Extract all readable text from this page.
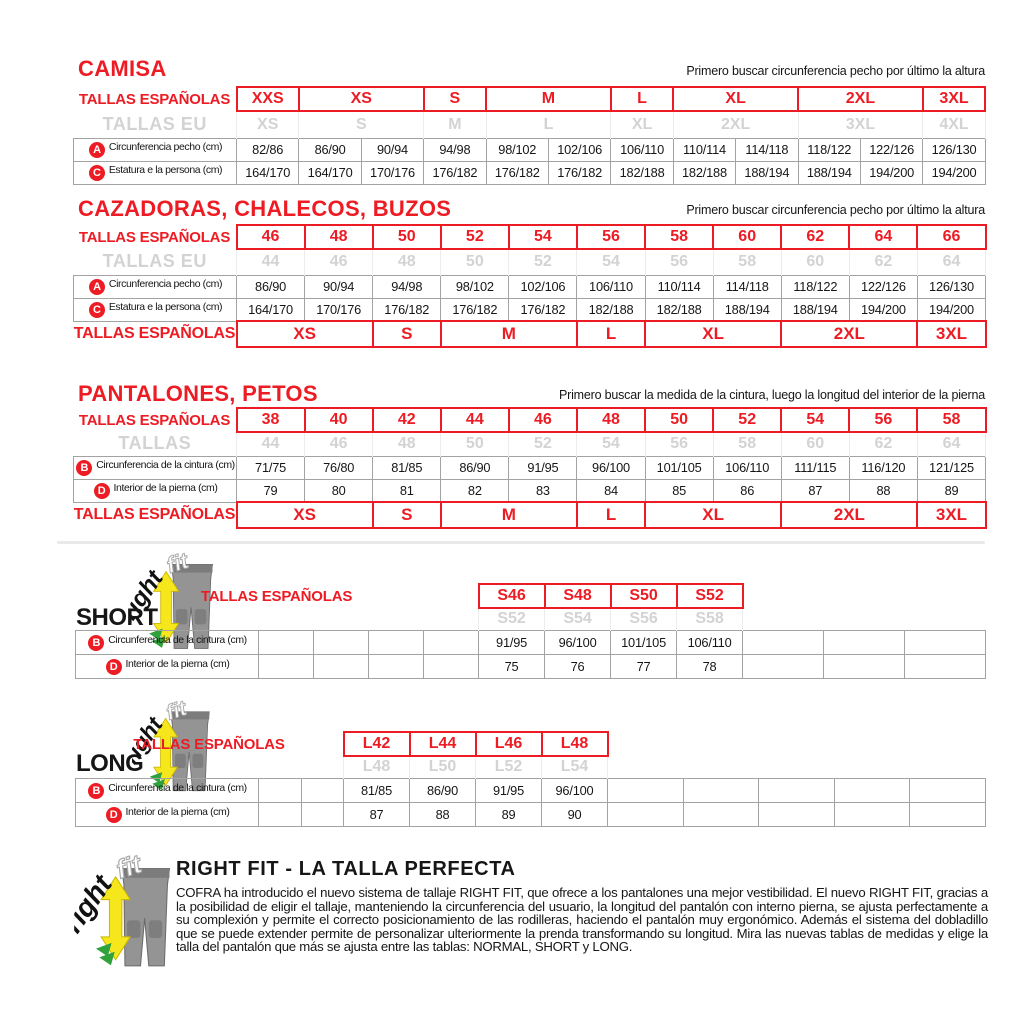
CAMISA	Primero buscar circunferencia pecho por último la altura
CAZADORAS, CHALECOS, BUZOS	Primero buscar circunferencia pecho por último la altura
PANTALONES, PETOS	Primero buscar la medida de la cintura, luego la longitud del interior de la pierna
SHORT
LONG
RIGHT FIT - LA TALLA PERFECTA
COFRA ha introducido el nuevo sistema de tallaje RIGHT FIT, que ofrece a los pantalones una mejor vestibilidad. El nuevo RIGHT FIT, gracias a la posibilidad de eligir el tallaje, manteniendo la circunferencia del usuario, la longitud del pantalón con interno pierna, se ajusta perfectamente a su complexión y permite el correcto posicionamiento de las rodilleras, haciendo el pantalón muy ergonómico. Además el sistema del dobladillo que se puede extender permite de personalizar ulteriormente la prenda transformando su longitud. Mira las nuevas tablas de medidas y elige la talla del pantalón que más se ajusta entre las tablas: NORMAL, SHORT y LONG.
TALLAS ESPAÑOLAS	XXS	XS		S	M		L	XL		2XL		3XL
TALLAS EU	XS	S		M	L		XL	2XL		3XL		4XL
A Circunferencia pecho (cm)	82/86	86/90	90/94	94/98	98/102	102/106	106/110	110/114	114/118	118/122	122/126	126/130
C Estatura e la persona (cm)	164/170	164/170	170/176	176/182	176/182	176/182	182/188	182/188	188/194	188/194	194/200	194/200
TALLAS ESPAÑOLAS	46	48	50	52	54	56	58	60	62	64	66
TALLAS EU	44	46	48	50	52	54	56	58	60	62	64
A Circunferencia pecho (cm)	86/90	90/94	94/98	98/102	102/106	106/110	110/114	114/118	118/122	122/126	126/130
C Estatura e la persona (cm)	164/170	170/176	176/182	176/182	176/182	182/188	182/188	188/194	188/194	194/200	194/200
TALLAS ESPAÑOLAS	XS		S	M		L	XL		2XL		3XL
TALLAS ESPAÑOLAS	38	40	42	44	46	48	50	52	54	56	58
TALLAS	44	46	48	50	52	54	56	58	60	62	64
B Circunferencia de la cintura (cm)	71/75	76/80	81/85	86/90	91/95	96/100	101/105	106/110	111/115	116/120	121/125
D Interior de la pierna (cm)	79	80	81	82	83	84	85	86	87	88	89
TALLAS ESPAÑOLAS	XS		S	M		L	XL		2XL		3XL
TALLAS ESPAÑOLAS					S46	S48	S50	S52			
					S52	S54	S56	S58			
B Circunferencia de la cintura (cm)					91/95	96/100	101/105	106/110			
D Interior de la pierna (cm)					75	76	77	78			
TALLAS ESPAÑOLAS			L42	L44	L46	L48					
			L48	L50	L52	L54					
B Circunferencia de la cintura (cm)			81/85	86/90	91/95	96/100					
D Interior de la pierna (cm)			87	88	89	90					
